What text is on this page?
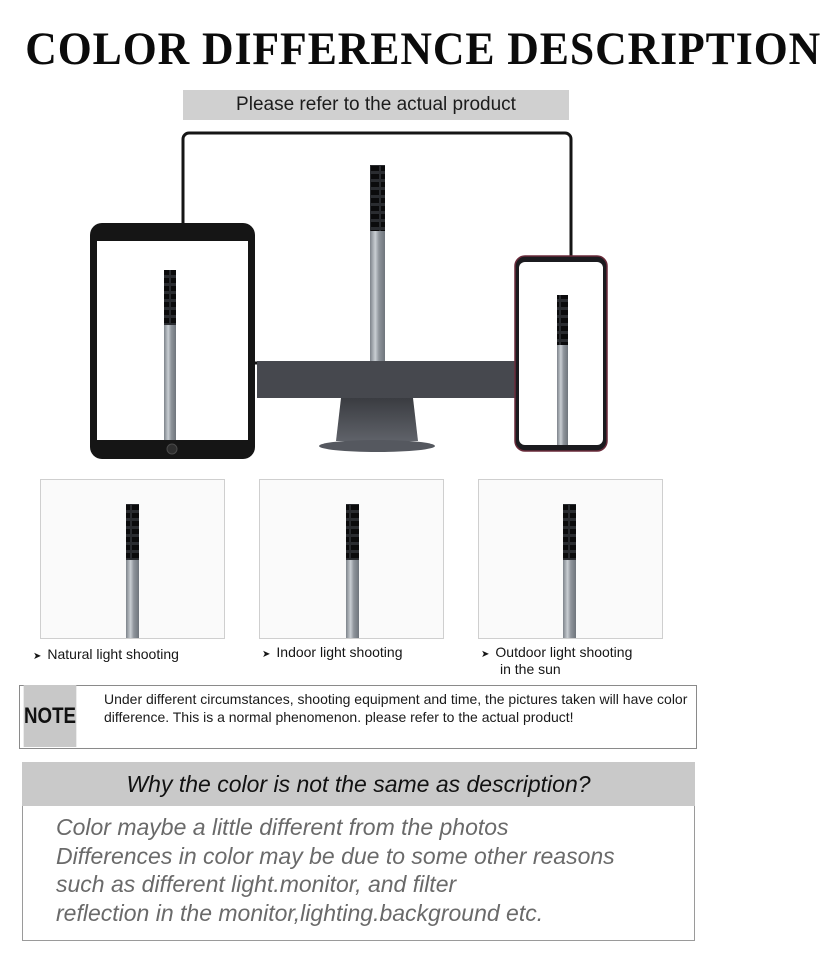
COLOR DIFFERENCE DESCRIPTION
Please refer to the actual product
➤ Natural light shooting	➤ Indoor light shooting	➤ Outdoor light shooting
in the sun
NOTE
Under different circumstances, shooting equipment and time, the pictures taken will have color difference. This is a normal phenomenon. please refer to the actual product!
Why the color is not the same as description?
Color maybe a little different from the photos
Differences in color may be due to some other reasons
such as different light.monitor, and filter
reflection in the monitor,lighting.background etc.
